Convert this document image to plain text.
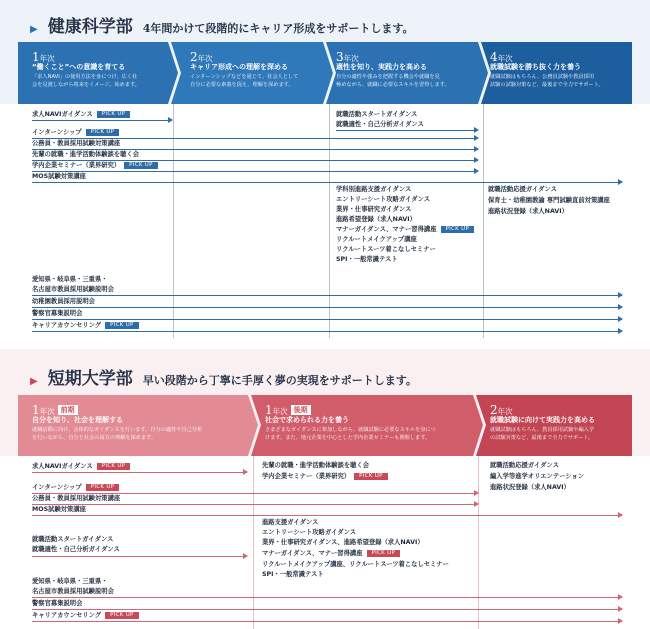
▶ 健康科学部 4年間かけて段階的にキャリア形成をサポートします。
1年次
“働くこと”への意識を育てる
「求人NAVI」の使用方法を身につけ、広く社
会を見渡しながら将来をイメージ。始めます。
2年次
キャリア形成への理解を深める
インターンシップなどを通じて、社会人として
自分に必要な素養を捉え、理解を深めます。
3年次
適性を知り、実践力を高める
自分の適性や強みを把握する機会や就職を見
極めながら、就職に必要なスキルを習得します。
4年次
就職試験を勝ち抜く力を養う
就職試験はもちろん、公務員試験や教員採用
試験の試験対策など、最後まで全力でサポート。
求人NAVIガイダンス PICK UP
インターンシップ PICK UP
公務員・教員採用試験対策講座
先輩の就職・進学活動体験談を聴く会
学内企業セミナー（業界研究） PICK UP
MOS試験対策講座
就職活動スタートガイダンス
就職適性・自己分析ガイダンス
学科別進路支援ガイダンス
エントリーシート攻略ガイダンス
業界・仕事研究ガイダンス
進路希望登録（求人NAVI）
マナーガイダンス、マナー習得講座 PICK UP
リクルートメイクアップ講座
リクルートスーツ着こなしセミナー
SPI・一般常識テスト
就職活動応援ガイダンス
保育士・幼稚園教諭 専門試験直前対策講座
進路状況登録（求人NAVI）
愛知県・岐阜県・三重県・
名古屋市教員採用試験説明会
幼稚園教員採用説明会
警察官募集説明会
キャリアカウンセリング PICK UP
▶ 短期大学部 早い段階から丁寧に手厚く夢の実現をサポートします。
1年次 前期
自分を知り、社会を理解する
就職活動に向け、会体的なガイダンスを行います。自分の適性や自己分析
を行いながら、自分と社会の両方の理解を深めます。
1年次 後期
社会で求められる力を養う
さまざまなガイダンスに参加しながら、就職試験に必要なスキルを身につ
けます。また、地元企業を中心とした学内企業セミナーも開催します。
2年次
就職試験に向けて実践力を高める
就職試験はもちろん、教員採用試験や編入学
の試験対策など、最後まで全力でサポート。
求人NAVIガイダンス PICK UP
インターンシップ PICK UP
公務員・教員採用試験対策講座
MOS試験対策講座
就職活動スタートガイダンス
就職適性・自己分析ガイダンス
先輩の就職・進学活動体験談を聴く会
学内企業セミナー（業界研究） PICK UP
進路支援ガイダンス
エントリーシート攻略ガイダンス
業界・仕事研究ガイダンス、進路希望登録（求人NAVI）
マナーガイダンス、マナー習得講座 PICK UP
リクルートメイクアップ講座、リクルートスーツ着こなしセミナー
SPI・一般常識テスト
就職活動応援ガイダンス
編入学等進学オリエンテーション
進路状況登録（求人NAVI）
愛知県・岐阜県・三重県・
名古屋市教員採用試験説明会
警察官募集説明会
キャリアカウンセリング PICK UP
